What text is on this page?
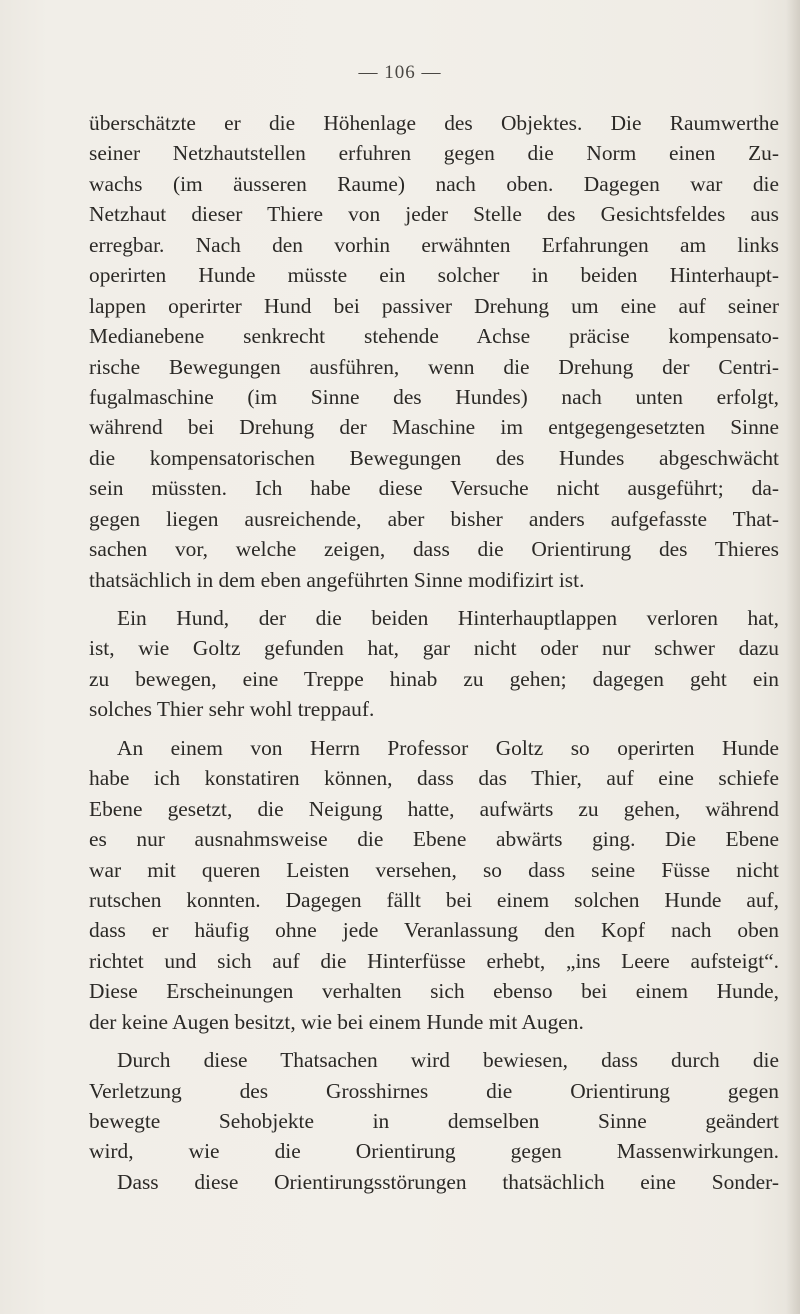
— 106 —
überschätzte er die Höhenlage des Objektes. Die Raumwerthe
seiner Netzhautstellen erfuhren gegen die Norm einen Zu-
wachs (im äusseren Raume) nach oben. Dagegen war die
Netzhaut dieser Thiere von jeder Stelle des Gesichtsfeldes aus
erregbar. Nach den vorhin erwähnten Erfahrungen am links
operirten Hunde müsste ein solcher in beiden Hinterhaupt-
lappen operirter Hund bei passiver Drehung um eine auf seiner
Medianebene senkrecht stehende Achse präcise kompensato-
rische Bewegungen ausführen, wenn die Drehung der Centri-
fugalmaschine (im Sinne des Hundes) nach unten erfolgt,
während bei Drehung der Maschine im entgegengesetzten Sinne
die kompensatorischen Bewegungen des Hundes abgeschwächt
sein müssten. Ich habe diese Versuche nicht ausgeführt; da-
gegen liegen ausreichende, aber bisher anders aufgefasste That-
sachen vor, welche zeigen, dass die Orientirung des Thieres
thatsächlich in dem eben angeführten Sinne modifizirt ist.
Ein Hund, der die beiden Hinterhauptlappen verloren hat,
ist, wie Goltz gefunden hat, gar nicht oder nur schwer dazu
zu bewegen, eine Treppe hinab zu gehen; dagegen geht ein
solches Thier sehr wohl treppauf.
An einem von Herrn Professor Goltz so operirten Hunde
habe ich konstatiren können, dass das Thier, auf eine schiefe
Ebene gesetzt, die Neigung hatte, aufwärts zu gehen, während
es nur ausnahmsweise die Ebene abwärts ging. Die Ebene
war mit queren Leisten versehen, so dass seine Füsse nicht
rutschen konnten. Dagegen fällt bei einem solchen Hunde auf,
dass er häufig ohne jede Veranlassung den Kopf nach oben
richtet und sich auf die Hinterfüsse erhebt, „ins Leere aufsteigt“.
Diese Erscheinungen verhalten sich ebenso bei einem Hunde,
der keine Augen besitzt, wie bei einem Hunde mit Augen.
Durch diese Thatsachen wird bewiesen, dass durch die
Verletzung des Grosshirnes die Orientirung gegen
bewegte Sehobjekte in demselben Sinne geändert
wird, wie die Orientirung gegen Massenwirkungen.
Dass diese Orientirungsstörungen thatsächlich eine Sonder-
